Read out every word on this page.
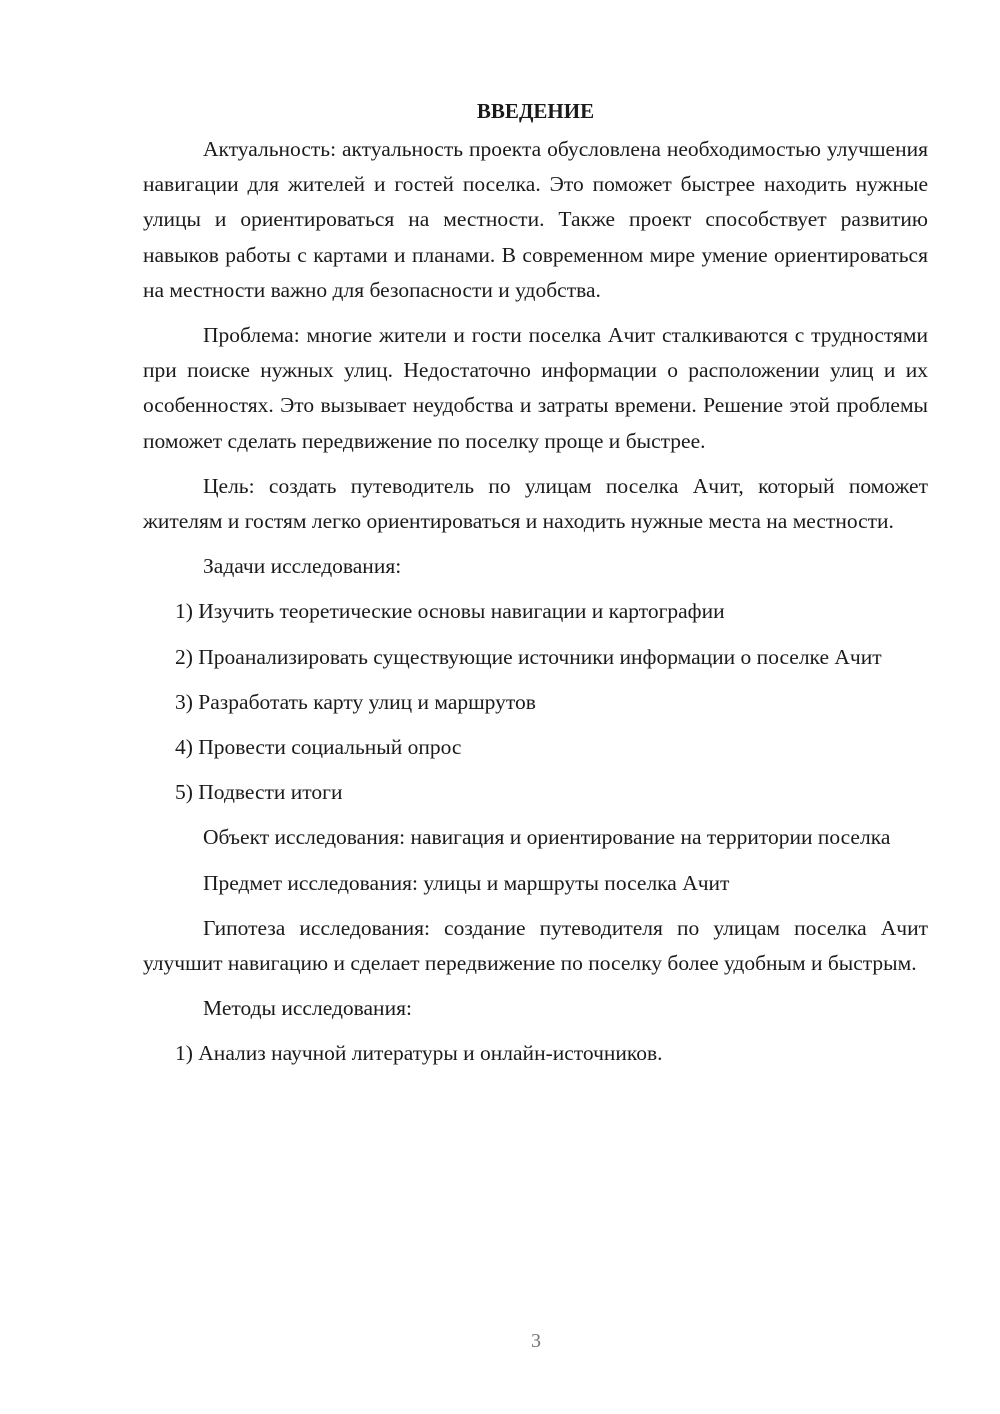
ВВЕДЕНИЕ

Актуальность: актуальность проекта обусловлена необходимостью улучшения навигации для жителей и гостей поселка. Это поможет быстрее находить нужные улицы и ориентироваться на местности. Также проект способствует развитию навыков работы с картами и планами. В современном мире умение ориентироваться на местности важно для безопасности и удобства.

Проблема: многие жители и гости поселка Ачит сталкиваются с трудностями при поиске нужных улиц. Недостаточно информации о расположении улиц и их особенностях. Это вызывает неудобства и затраты времени. Решение этой проблемы поможет сделать передвижение по поселку проще и быстрее.

Цель: создать путеводитель по улицам поселка Ачит, который поможет жителям и гостям легко ориентироваться и находить нужные места на местности.

Задачи исследования:

1) Изучить теоретические основы навигации и картографии

2) Проанализировать существующие источники информации о поселке Ачит

3) Разработать карту улиц и маршрутов

4) Провести социальный опрос

5) Подвести итоги

Объект исследования: навигация и ориентирование на территории поселка

Предмет исследования: улицы и маршруты поселка Ачит

Гипотеза исследования: создание путеводителя по улицам поселка Ачит улучшит навигацию и сделает передвижение по поселку более удобным и быстрым.

Методы исследования:

1) Анализ научной литературы и онлайн-источников.

3
